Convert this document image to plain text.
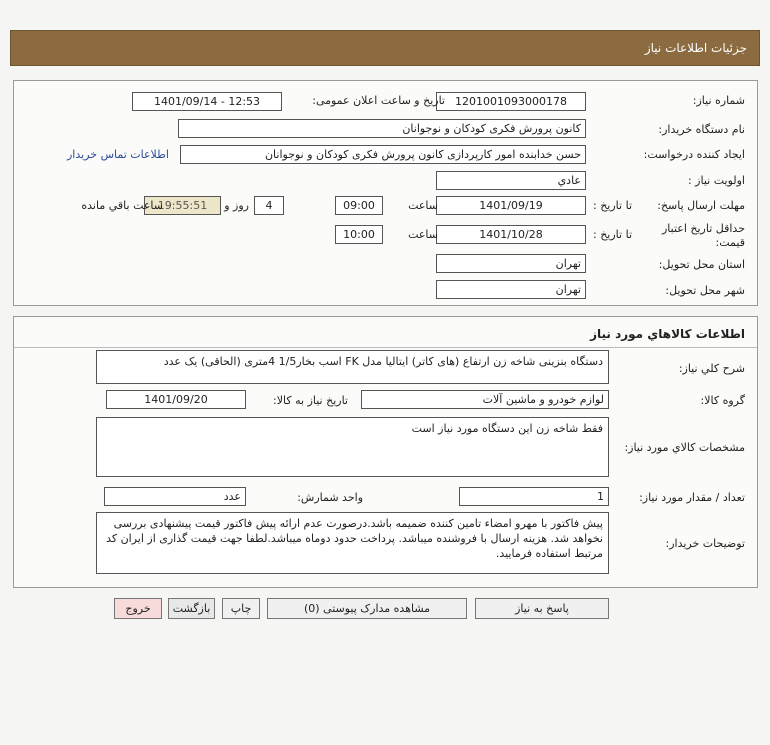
جزئیات اطلاعات نیاز
شماره نیاز:
1201001093000178
تاریخ و ساعت اعلان عمومی:
1401/09/14 - 12:53
نام دستگاه خریدار:
کانون پرورش فکری کودکان و نوجوانان
ایجاد کننده درخواست:
حسن خدابنده امور کارپردازی کانون پرورش فکری کودکان و نوجوانان
اطلاعات تماس خریدار
اولویت نیاز :
عادي
مهلت ارسال پاسخ:
تا تاریخ :
1401/09/19
ساعت
09:00
4
روز و
19:55:51
ساعت باقي مانده
حداقل تاریخ اعتبار قیمت:
تا تاریخ :
1401/10/28
ساعت
10:00
استان محل تحویل:
تهران
شهر محل تحویل:
تهران
اطلاعات کالاهاي مورد نیاز
شرح کلي نیاز:
دستگاه بنزینی شاخه زن ارتفاع (های کاتر) ایتالیا مدل FK اسب بخار1/5 4متری (الحاقی) یک عدد
گروه کالا:
لوازم خودرو و ماشین آلات
تاریخ نیاز به کالا:
1401/09/20
مشخصات کالاي مورد نیاز:
فقط شاخه زن این دستگاه مورد نیاز است
تعداد / مقدار مورد نیاز:
1
واحد شمارش:
عدد
توضیحات خریدار:
پیش فاکتور با مهرو امضاء تامین کننده ضمیمه باشد.درصورت عدم ارائه پیش فاکتور قیمت پیشنهادی بررسی نخواهد شد. هزینه ارسال با فروشنده میباشد. پرداخت حدود دوماه میباشد.لطفا جهت قیمت گذاری از ایران کد مرتبط استفاده فرمایید.
پاسخ به نیاز
مشاهده مدارک پیوستی (0)
چاپ
بازگشت
خروج
